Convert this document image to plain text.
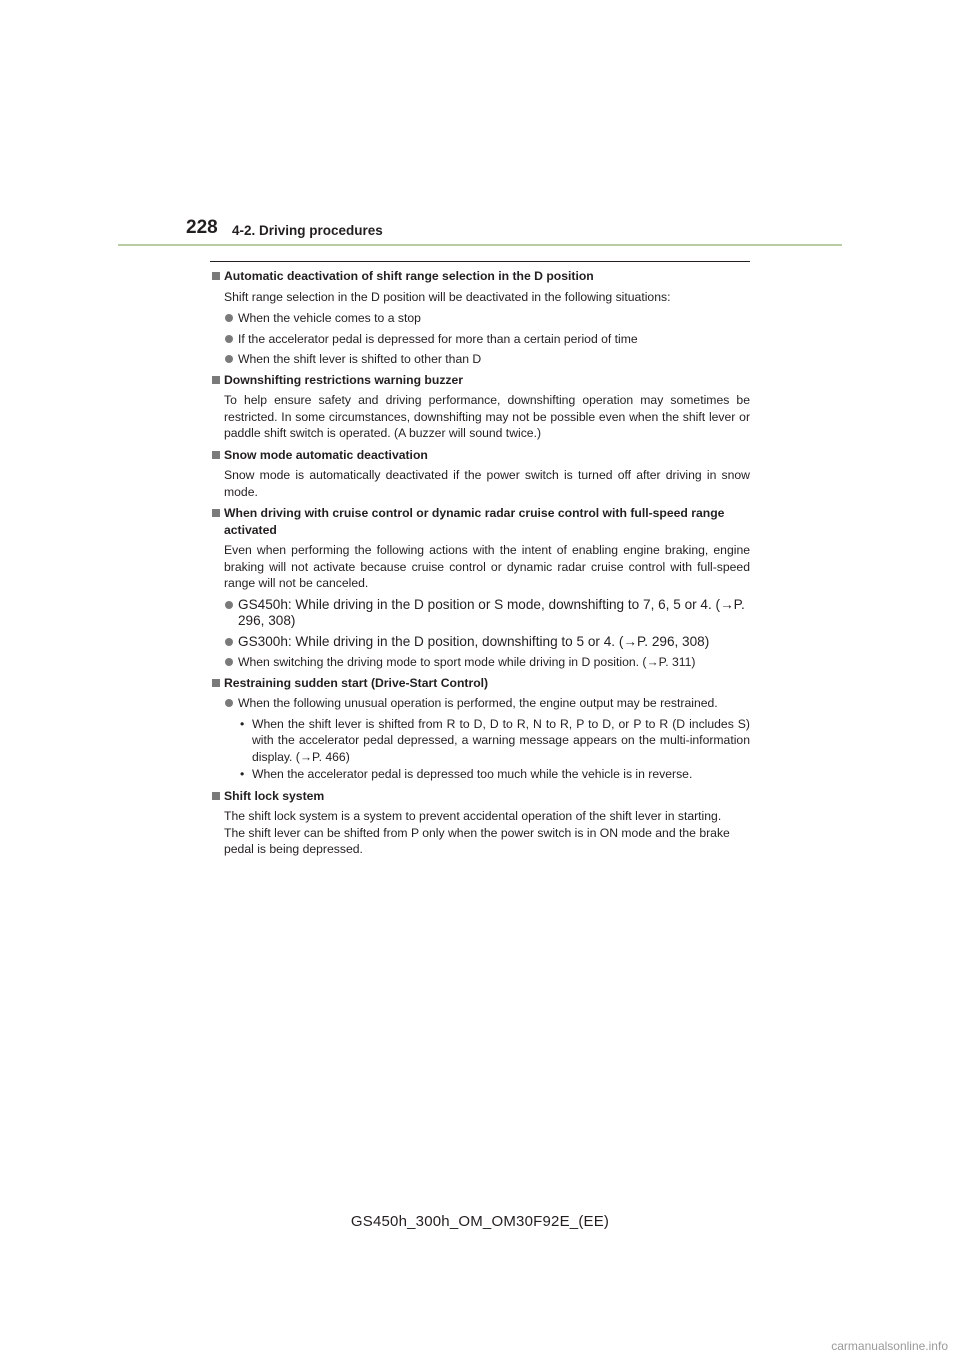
228 4-2. Driving procedures
Automatic deactivation of shift range selection in the D position
Shift range selection in the D position will be deactivated in the following situations:
When the vehicle comes to a stop
If the accelerator pedal is depressed for more than a certain period of time
When the shift lever is shifted to other than D
Downshifting restrictions warning buzzer
To help ensure safety and driving performance, downshifting operation may sometimes be restricted. In some circumstances, downshifting may not be possible even when the shift lever or paddle shift switch is operated. (A buzzer will sound twice.)
Snow mode automatic deactivation
Snow mode is automatically deactivated if the power switch is turned off after driving in snow mode.
When driving with cruise control or dynamic radar cruise control with full-speed range activated
Even when performing the following actions with the intent of enabling engine braking, engine braking will not activate because cruise control or dynamic radar cruise control with full-speed range will not be canceled.
GS450h: While driving in the D position or S mode, downshifting to 7, 6, 5 or 4. (→P. 296, 308)
GS300h: While driving in the D position, downshifting to 5 or 4. (→P. 296, 308)
When switching the driving mode to sport mode while driving in D position. (→P. 311)
Restraining sudden start (Drive-Start Control)
When the following unusual operation is performed, the engine output may be restrained.
• When the shift lever is shifted from R to D, D to R, N to R, P to D, or P to R (D includes S) with the accelerator pedal depressed, a warning message appears on the multi-information display. (→P. 466)
• When the accelerator pedal is depressed too much while the vehicle is in reverse.
Shift lock system
The shift lock system is a system to prevent accidental operation of the shift lever in starting.
The shift lever can be shifted from P only when the power switch is in ON mode and the brake pedal is being depressed.
GS450h_300h_OM_OM30F92E_(EE)
carmanualsonline.info
